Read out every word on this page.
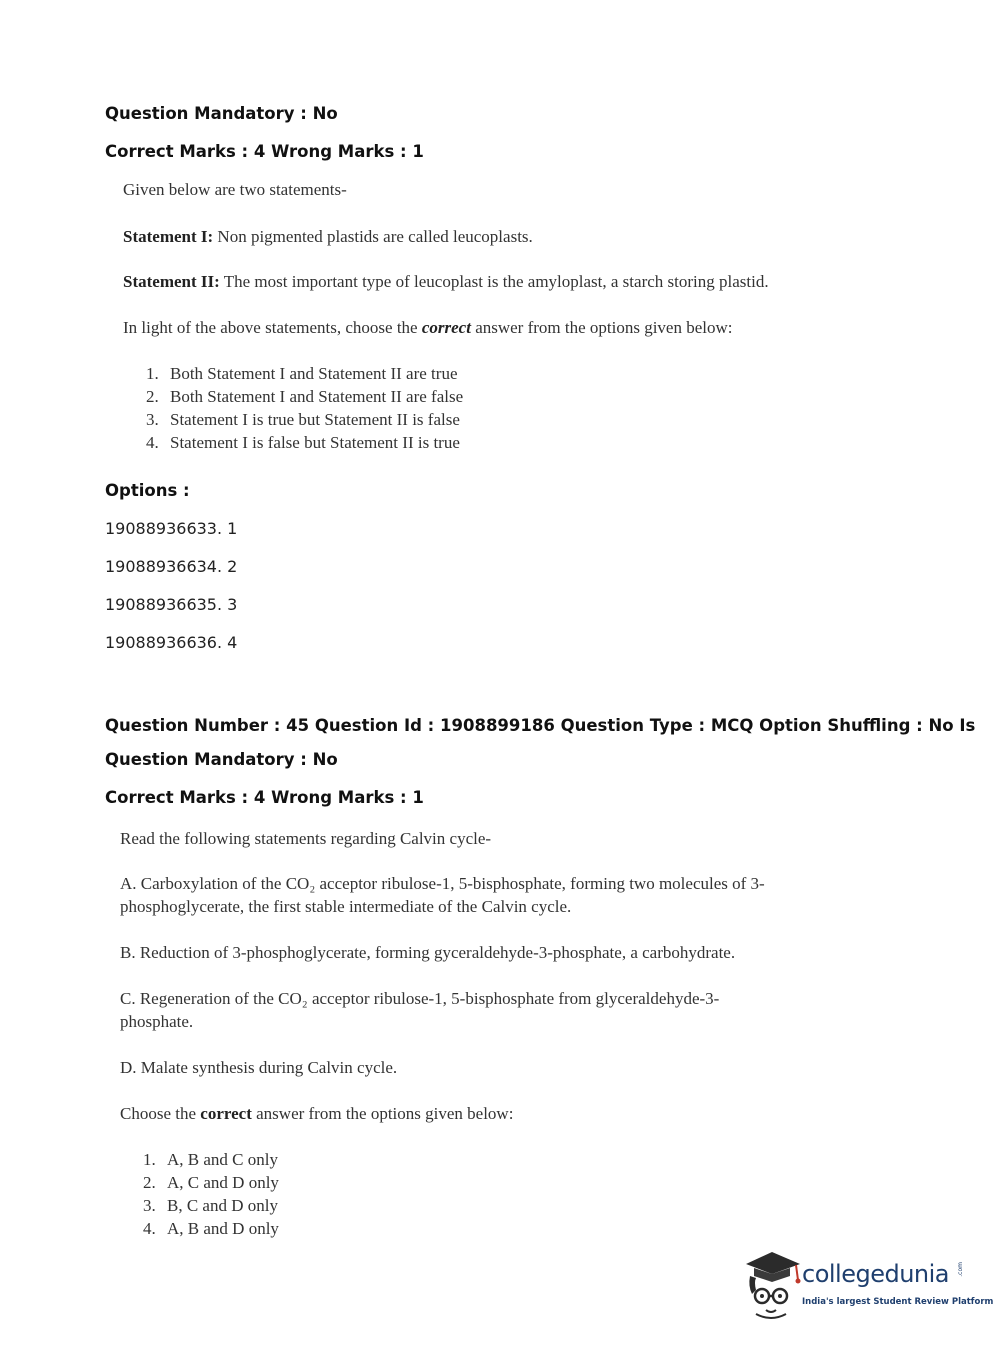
Question Mandatory : No
Correct Marks : 4 Wrong Marks : 1
Given below are two statements-
Statement I: Non pigmented plastids are called leucoplasts.
Statement II: The most important type of leucoplast is the amyloplast, a starch storing plastid.
In light of the above statements, choose the correct answer from the options given below:
1. Both Statement I and Statement II are true
2. Both Statement I and Statement II are false
3. Statement I is true but Statement II is false
4. Statement I is false but Statement II is true
Options :
19088936633. 1
19088936634. 2
19088936635. 3
19088936636. 4
Question Number : 45 Question Id : 1908899186 Question Type : MCQ Option Shuffling : No Is
Question Mandatory : No
Correct Marks : 4 Wrong Marks : 1
Read the following statements regarding Calvin cycle-
A. Carboxylation of the CO₂ acceptor ribulose-1, 5-bisphosphate, forming two molecules of 3-
phosphoglycerate, the first stable intermediate of the Calvin cycle.
B. Reduction of 3-phosphoglycerate, forming gyceraldehyde-3-phosphate, a carbohydrate.
C. Regeneration of the CO₂ acceptor ribulose-1, 5-bisphosphate from glyceraldehyde-3-
phosphate.
D. Malate synthesis during Calvin cycle.
Choose the correct answer from the options given below:
1. A, B and C only
2. A, C and D only
3. B, C and D only
4. A, B and D only
collegedunia .com
India's largest Student Review Platform
